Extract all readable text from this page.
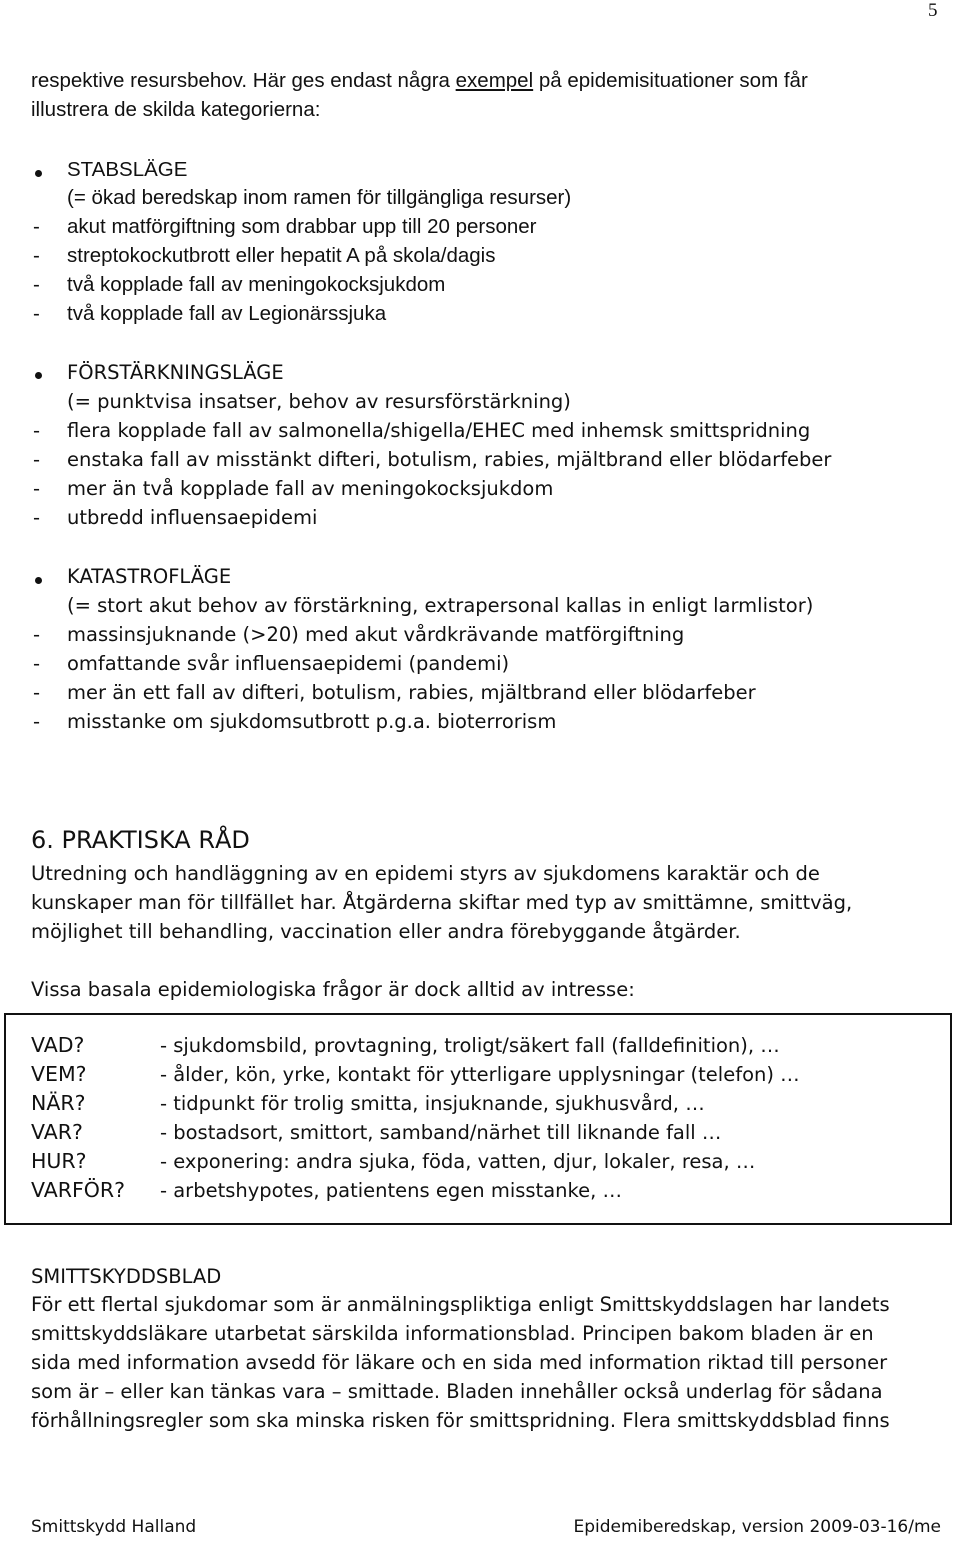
5
respektive resursbehov. Här ges endast några exempel på epidemisituationer som får
illustrera de skilda kategorierna:
STABSLÄGE
(= ökad beredskap inom ramen för tillgängliga resurser)
- akut matförgiftning som drabbar upp till 20 personer
- streptokockutbrott eller hepatit A på skola/dagis
- två kopplade fall av meningokocksjukdom
- två kopplade fall av Legionärssjuka
FÖRSTÄRKNINGSLÄGE
(= punktvisa insatser, behov av resursförstärkning)
- flera kopplade fall av salmonella/shigella/EHEC med inhemsk smittspridning
- enstaka fall av misstänkt difteri, botulism, rabies, mjältbrand eller blödarfeber
- mer än två kopplade fall av meningokocksjukdom
- utbredd influensaepidemi
KATASTROFLÄGE
(= stort akut behov av förstärkning, extrapersonal kallas in enligt larmlistor)
- massinsjuknande (>20) med akut vårdkrävande matförgiftning
- omfattande svår influensaepidemi (pandemi)
- mer än ett fall av difteri, botulism, rabies, mjältbrand eller blödarfeber
- misstanke om sjukdomsutbrott p.g.a. bioterrorism
6. PRAKTISKA RÅD
Utredning och handläggning av en epidemi styrs av sjukdomens karaktär och de
kunskaper man för tillfället har. Åtgärderna skiftar med typ av smittämne, smittväg,
möjlighet till behandling, vaccination eller andra förebyggande åtgärder.
Vissa basala epidemiologiska frågor är dock alltid av intresse:
VAD?	- sjukdomsbild, provtagning, troligt/säkert fall (falldefinition), …
VEM?	- ålder, kön, yrke, kontakt för ytterligare upplysningar (telefon) …
NÄR?	- tidpunkt för trolig smitta, insjuknande, sjukhusvård, …
VAR?	- bostadsort, smittort, samband/närhet till liknande fall …
HUR?	- exponering: andra sjuka, föda, vatten, djur, lokaler, resa, …
VARFÖR? - arbetshypotes, patientens egen misstanke, …
SMITTSKYDDSBLAD
För ett flertal sjukdomar som är anmälningspliktiga enligt Smittskyddslagen har landets
smittskyddsläkare utarbetat särskilda informationsblad. Principen bakom bladen är en
sida med information avsedd för läkare och en sida med information riktad till personer
som är – eller kan tänkas vara – smittade. Bladen innehåller också underlag för sådana
förhållningsregler som ska minska risken för smittspridning. Flera smittskyddsblad finns
Smittskydd Halland	Epidemiberedskap, version 2009-03-16/me
